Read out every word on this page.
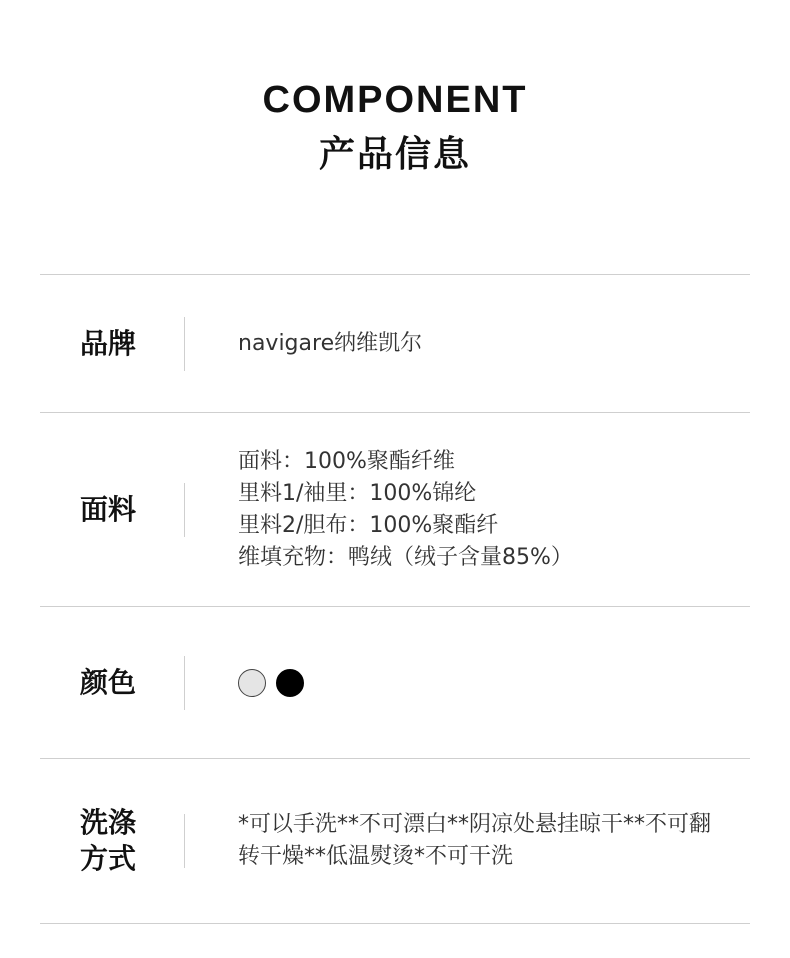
COMPONENT
产品信息
品牌	navigare纳维凯尔
面料
面料：100%聚酯纤维
里料1/袖里：100%锦纶
里料2/胆布：100%聚酯纤
维填充物：鸭绒（绒子含量85%）
颜色
洗涤
方式
*可以手洗**不可漂白**阴凉处悬挂晾干**不可翻转干燥**低温熨烫*不可干洗
